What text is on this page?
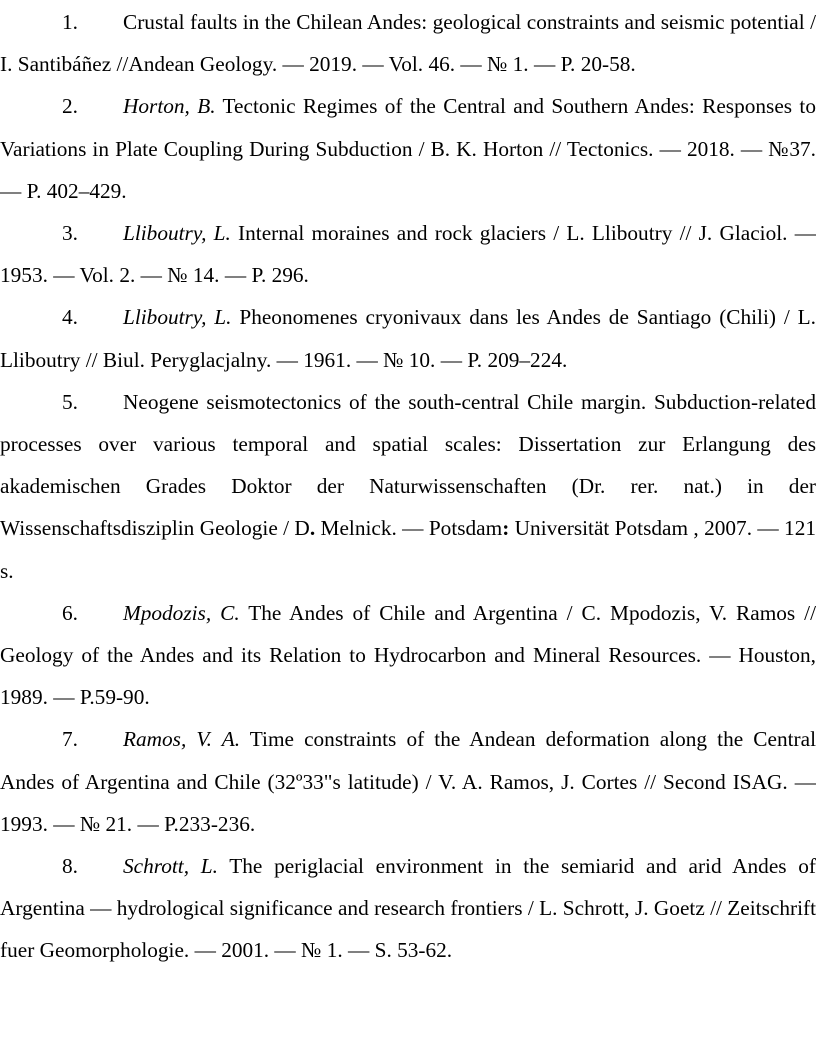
1. Crustal faults in the Chilean Andes: geological constraints and seismic potential / I. Santibáñez //Andean Geology. — 2019. — Vol. 46. — № 1. — P. 20-58.

2. Horton, B. Tectonic Regimes of the Central and Southern Andes: Responses to Variations in Plate Coupling During Subduction / B. K. Horton // Tectonics. — 2018. — №37. — P. 402–429.

3. Lliboutry, L. Internal moraines and rock glaciers / L. Lliboutry // J. Glaciol. — 1953. — Vol. 2. — № 14. — P. 296.

4. Lliboutry, L. Pheonomenes cryonivaux dans les Andes de Santiago (Chili) / L. Lliboutry // Biul. Peryglacjalny. — 1961. — № 10. — P. 209–224.

5. Neogene seismotectonics of the south-central Chile margin. Subduction-related processes over various temporal and spatial scales: Dissertation zur Erlangung des akademischen Grades Doktor der Naturwissenschaften (Dr. rer. nat.) in der Wissenschaftsdisziplin Geologie / D. Melnick. — Potsdam: Universität Potsdam , 2007. — 121 s.

6. Mpodozis, C. The Andes of Chile and Argentina / C. Mpodozis, V. Ramos // Geology of the Andes and its Relation to Hydrocarbon and Mineral Resources. — Houston, 1989. — P.59-90.

7. Ramos, V. A. Time constraints of the Andean deformation along the Central Andes of Argentina and Chile (32º33"s latitude) / V. A. Ramos, J. Cortes // Second ISAG. — 1993. — № 21. — P.233-236.

8. Schrott, L. The periglacial environment in the semiarid and arid Andes of Argentina — hydrological significance and research frontiers / L. Schrott, J. Goetz // Zeitschrift fuer Geomorphologie. — 2001. — № 1. — S. 53-62.
